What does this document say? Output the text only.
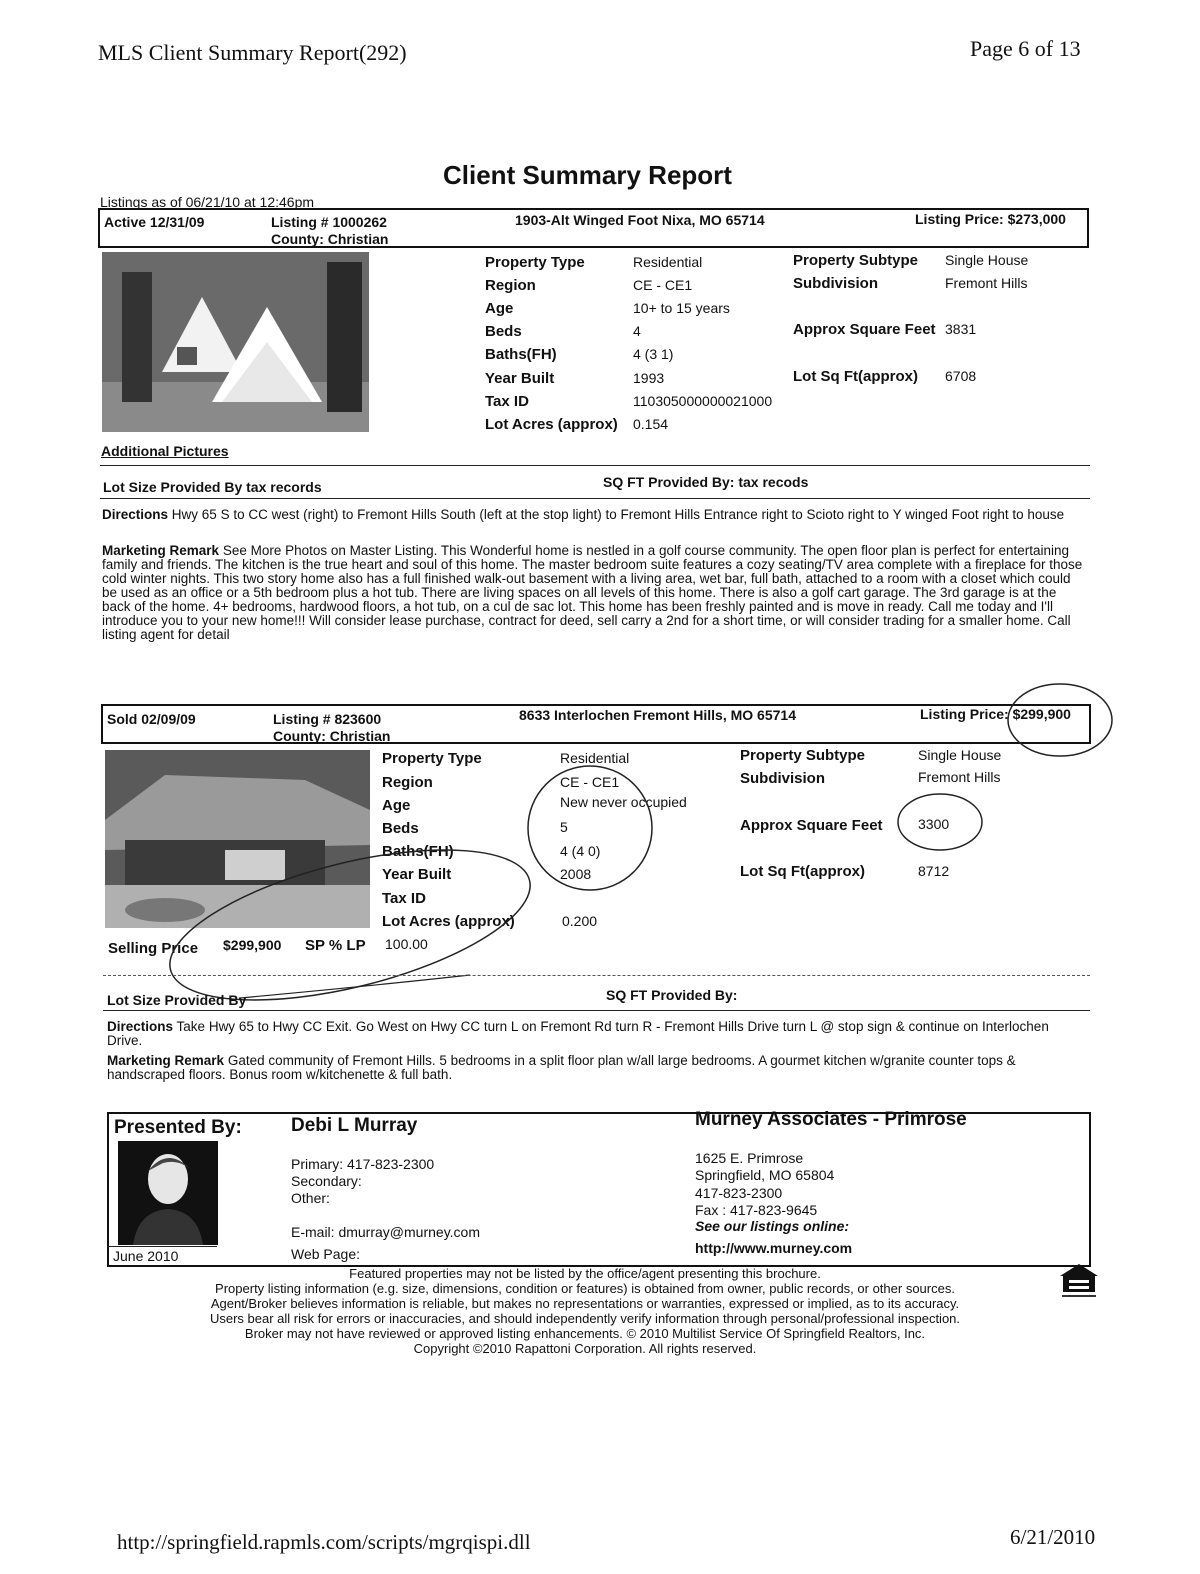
MLS Client Summary Report(292)	Page 6 of 13
Client Summary Report
Listings as of 06/21/10 at 12:46pm
Active 12/31/09	Listing # 1000262
County: Christian
1903-Alt Winged Foot Nixa, MO 65714	Listing Price: $273,000
Additional Pictures
Property Type	Residential
Region	CE - CE1
Age	10+ to 15 years
Beds	4
Baths(FH)	4 (3 1)
Year Built	1993
Tax ID	110305000000021000
Lot Acres (approx) 0.154
Property Subtype Single House
Subdivision	Fremont Hills
Approx Square Feet 3831
Lot Sq Ft(approx) 6708
Lot Size Provided By tax records	SQ FT Provided By: tax recods
Directions Hwy 65 S to CC west (right) to Fremont Hills South (left at the stop light) to Fremont Hills Entrance right to Scioto right to Y winged Foot right to house
Marketing Remark See More Photos on Master Listing. This Wonderful home is nestled in a golf course community. The open floor plan is perfect for entertaining family and friends. The kitchen is the true heart and soul of this home. The master bedroom suite features a cozy seating/TV area complete with a fireplace for those cold winter nights. This two story home also has a full finished walk-out basement with a living area, wet bar, full bath, attached to a room with a closet which could be used as an office or a 5th bedroom plus a hot tub. There are living spaces on all levels of this home. There is also a golf cart garage. The 3rd garage is at the back of the home. 4+ bedrooms, hardwood floors, a hot tub, on a cul de sac lot. This home has been freshly painted and is move in ready. Call me today and I'll introduce you to your new home!!! Will consider lease purchase, contract for deed, sell carry a 2nd for a short time, or will consider trading for a smaller home. Call listing agent for detail
Sold 02/09/09	Listing # 823600
County: Christian
8633 Interlochen Fremont Hills, MO 65714	Listing Price: $299,900
Property Type	Residential
Region	CE - CE1
Age	New never occupied
Beds	5
Baths(FH)	4 (4 0)
Year Built	2008
Tax ID
Lot Acres (approx)	0.200
Property Subtype	Single House
Subdivision	Fremont Hills
Approx Square Feet	3300
Lot Sq Ft(approx)	8712
Selling Price $299,900 SP % LP 100.00
Lot Size Provided By	SQ FT Provided By:
Directions Take Hwy 65 to Hwy CC Exit. Go West on Hwy CC turn L on Fremont Rd turn R - Fremont Hills Drive turn L @ stop sign & continue on Interlochen Drive.
Marketing Remark Gated community of Fremont Hills. 5 bedrooms in a split floor plan w/all large bedrooms. A gourmet kitchen w/granite counter tops & handscraped floors. Bonus room w/kitchenette & full bath.
Presented By:	Debi L Murray	Murney Associates - Primrose
June 2010
Primary: 417-823-2300
Secondary:
Other:
E-mail: dmurray@murney.com
Web Page:
1625 E. Primrose
Springfield, MO 65804
417-823-2300
Fax : 417-823-9645
See our listings online:
http://www.murney.com
Featured properties may not be listed by the office/agent presenting this brochure.
Property listing information (e.g. size, dimensions, condition or features) is obtained from owner, public records, or other sources.
Agent/Broker believes information is reliable, but makes no representations or warranties, expressed or implied, as to its accuracy.
Users bear all risk for errors or inaccuracies, and should independently verify information through personal/professional inspection.
Broker may not have reviewed or approved listing enhancements. © 2010 Multilist Service Of Springfield Realtors, Inc.
Copyright ©2010 Rapattoni Corporation. All rights reserved.
http://springfield.rapmls.com/scripts/mgrqispi.dll	6/21/2010
